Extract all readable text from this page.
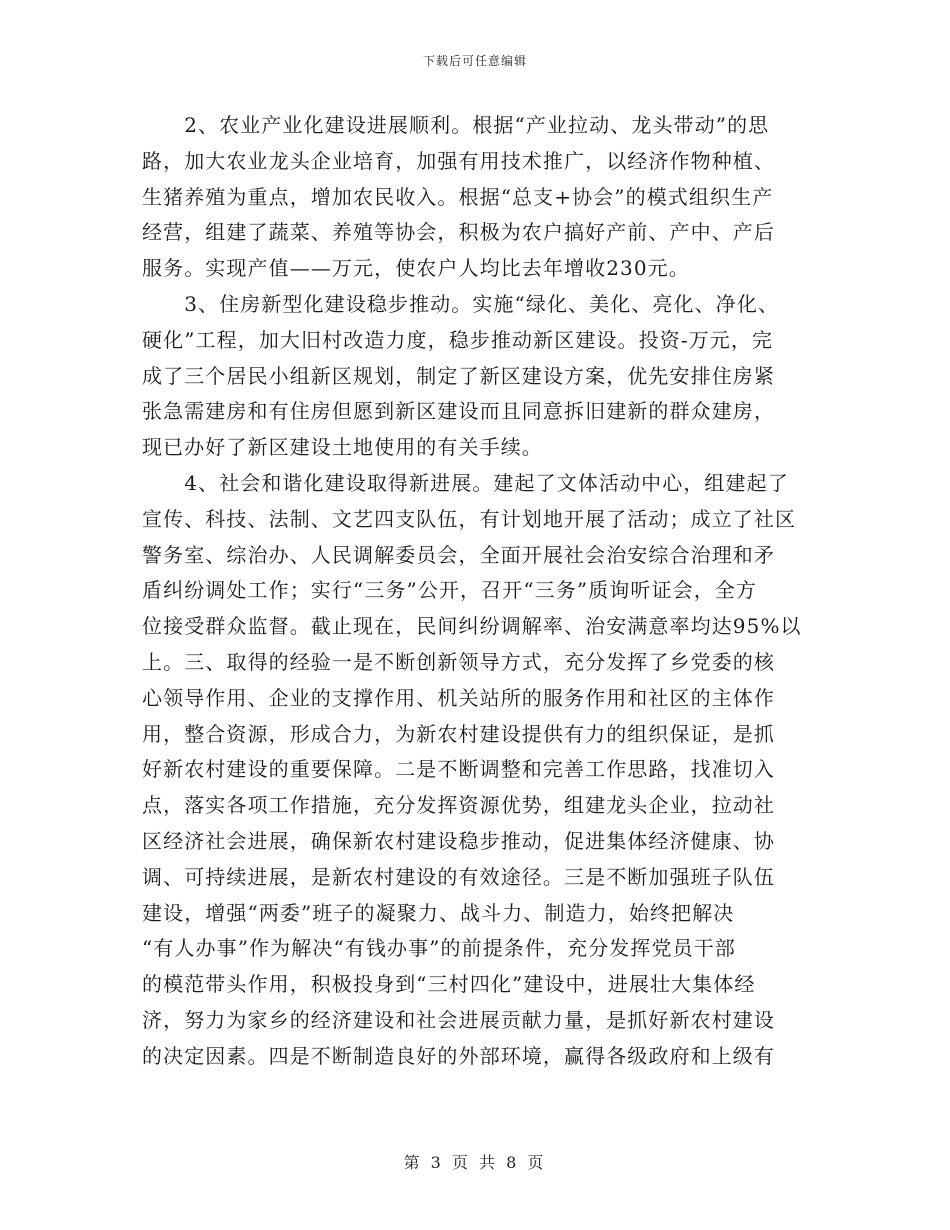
下载后可任意编辑
　　2、农业产业化建设进展顺利。根据“产业拉动、龙头带动”的思
路，加大农业龙头企业培育，加强有用技术推广，以经济作物种植、
生猪养殖为重点，增加农民收入。根据“总支+协会”的模式组织生产
经营，组建了蔬菜、养殖等协会，积极为农户搞好产前、产中、产后
服务。实现产值——万元，使农户人均比去年增收230元。
　　3、住房新型化建设稳步推动。实施“绿化、美化、亮化、净化、
硬化”工程，加大旧村改造力度，稳步推动新区建设。投资-万元，完
成了三个居民小组新区规划，制定了新区建设方案，优先安排住房紧
张急需建房和有住房但愿到新区建设而且同意拆旧建新的群众建房，
现已办好了新区建设土地使用的有关手续。
　　4、社会和谐化建设取得新进展。建起了文体活动中心，组建起了
宣传、科技、法制、文艺四支队伍，有计划地开展了活动；成立了社区
警务室、综治办、人民调解委员会，全面开展社会治安综合治理和矛
盾纠纷调处工作；实行“三务”公开，召开“三务”质询听证会，全方
位接受群众监督。截止现在，民间纠纷调解率、治安满意率均达95%以
上。三、取得的经验一是不断创新领导方式，充分发挥了乡党委的核
心领导作用、企业的支撑作用、机关站所的服务作用和社区的主体作
用，整合资源，形成合力，为新农村建设提供有力的组织保证，是抓
好新农村建设的重要保障。二是不断调整和完善工作思路，找准切入
点，落实各项工作措施，充分发挥资源优势，组建龙头企业，拉动社
区经济社会进展，确保新农村建设稳步推动，促进集体经济健康、协
调、可持续进展，是新农村建设的有效途径。三是不断加强班子队伍
建设，增强“两委”班子的凝聚力、战斗力、制造力，始终把解决
“有人办事”作为解决“有钱办事”的前提条件，充分发挥党员干部
的模范带头作用，积极投身到“三村四化”建设中，进展壮大集体经
济，努力为家乡的经济建设和社会进展贡献力量，是抓好新农村建设
的决定因素。四是不断制造良好的外部环境，赢得各级政府和上级有
第 3 页 共 8 页
